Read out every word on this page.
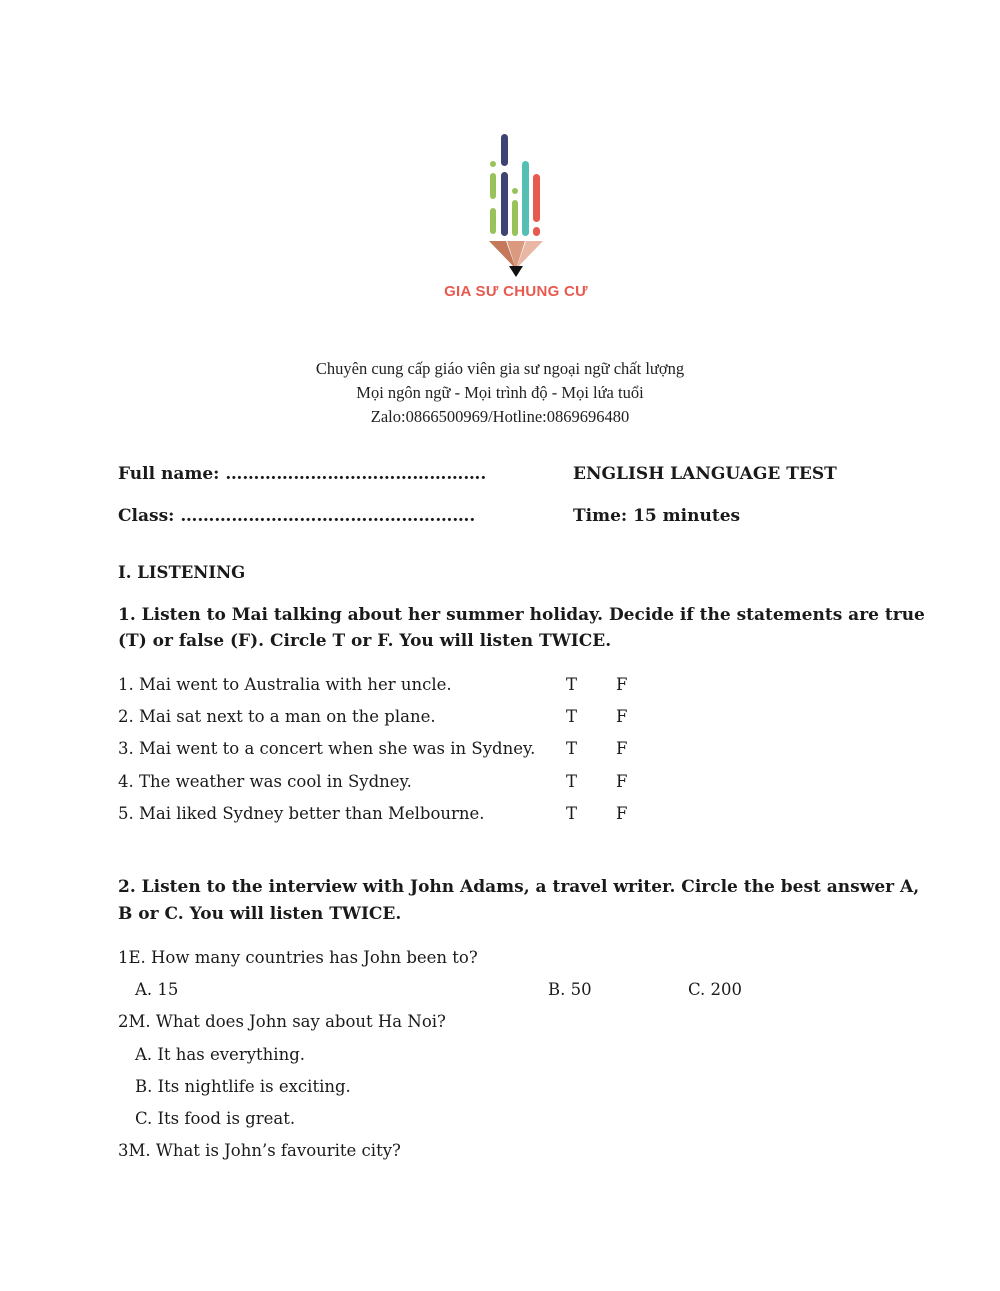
GIA SƯ CHUNG CƯ
Chuyên cung cấp giáo viên gia sư ngoại ngữ chất lượng
Mọi ngôn ngữ - Mọi trình độ - Mọi lứa tuổi
Zalo:0866500969/Hotline:0869696480
Full name: ……………………………………….	ENGLISH LANGUAGE TEST
Class: …………………………………………….	Time: 15 minutes
I. LISTENING
1. Listen to Mai talking about her summer holiday. Decide if the statements are true
(T) or false (F). Circle T or F. You will listen TWICE.
1. Mai went to Australia with her uncle.	T F
2. Mai sat next to a man on the plane.	T F
3. Mai went to a concert when she was in Sydney. T F
4. The weather was cool in Sydney.	T F
5. Mai liked Sydney better than Melbourne.	T F
2. Listen to the interview with John Adams, a travel writer. Circle the best answer A,
B or C. You will listen TWICE.
1E. How many countries has John been to?
A. 15	B. 50	C. 200
2M. What does John say about Ha Noi?
A. It has everything.
B. Its nightlife is exciting.
C. Its food is great.
3M. What is John’s favourite city?
